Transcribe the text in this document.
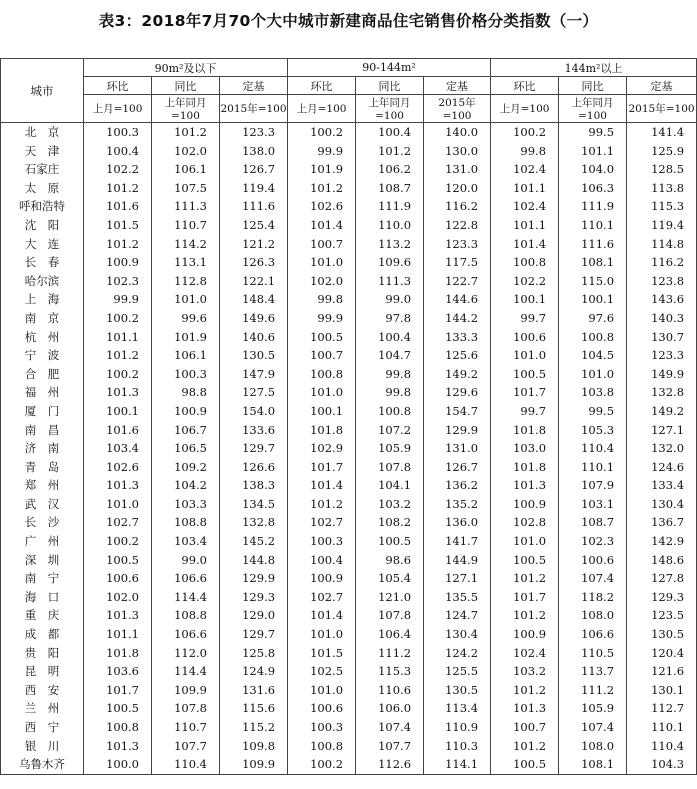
表3：2018年7月70个大中城市新建商品住宅销售价格分类指数（一）
城市	90m²及以下			90-144m²			144m²以上		
	环比	同比	定基	环比	同比	定基	环比	同比	定基
	上月=100	上年同月=100	2015年=100	上月=100	上年同月=100	2015年=100	上月=100	上年同月=100	2015年=100
北　京	100.3	101.2	123.3	100.2	100.4	140.0	100.2	99.5	141.4
天　津	100.4	102.0	138.0	99.9	101.2	130.0	99.8	101.1	125.9
石家庄	102.2	106.1	126.7	101.9	106.2	131.0	102.4	104.0	128.5
太　原	101.2	107.5	119.4	101.2	108.7	120.0	101.1	106.3	113.8
呼和浩特	101.6	111.3	111.6	102.6	111.9	116.2	102.4	111.9	115.3
沈　阳	101.5	110.7	125.4	101.4	110.0	122.8	101.1	110.1	119.4
大　连	101.2	114.2	121.2	100.7	113.2	123.3	101.4	111.6	114.8
长　春	100.9	113.1	126.3	101.0	109.6	117.5	100.8	108.1	116.2
哈尔滨	102.3	112.8	122.1	102.0	111.3	122.7	102.2	115.0	123.8
上　海	99.9	101.0	148.4	99.8	99.0	144.6	100.1	100.1	143.6
南　京	100.2	99.6	149.6	99.9	97.8	144.2	99.7	97.6	140.3
杭　州	101.1	101.9	140.6	100.5	100.4	133.3	100.6	100.8	130.7
宁　波	101.2	106.1	130.5	100.7	104.7	125.6	101.0	104.5	123.3
合　肥	100.2	100.3	147.9	100.8	99.8	149.2	100.5	101.0	149.9
福　州	101.3	98.8	127.5	101.0	99.8	129.6	101.7	103.8	132.8
厦　门	100.1	100.9	154.0	100.1	100.8	154.7	99.7	99.5	149.2
南　昌	101.6	106.7	133.6	101.8	107.2	129.9	101.8	105.3	127.1
济　南	103.4	106.5	129.7	102.9	105.9	131.0	103.0	110.4	132.0
青　岛	102.6	109.2	126.6	101.7	107.8	126.7	101.8	110.1	124.6
郑　州	101.3	104.2	138.3	101.4	104.1	136.2	101.3	107.9	133.4
武　汉	101.0	103.3	134.5	101.2	103.2	135.2	100.9	103.1	130.4
长　沙	102.7	108.8	132.8	102.7	108.2	136.0	102.8	108.7	136.7
广　州	100.2	103.4	145.2	100.3	100.5	141.7	101.0	102.3	142.9
深　圳	100.5	99.0	144.8	100.4	98.6	144.9	100.5	100.6	148.6
南　宁	100.6	106.6	129.9	100.9	105.4	127.1	101.2	107.4	127.8
海　口	102.0	114.4	129.3	102.7	121.0	135.5	101.7	118.2	129.3
重　庆	101.3	108.8	129.0	101.4	107.8	124.7	101.2	108.0	123.5
成　都	101.1	106.6	129.7	101.0	106.4	130.4	100.9	106.6	130.5
贵　阳	101.8	112.0	125.8	101.5	111.2	124.2	102.4	110.5	120.4
昆　明	103.6	114.4	124.9	102.5	115.3	125.5	103.2	113.7	121.6
西　安	101.7	109.9	131.6	101.0	110.6	130.5	101.2	111.2	130.1
兰　州	100.5	107.8	115.6	100.6	106.0	113.4	101.3	105.9	112.7
西　宁	100.8	110.7	115.2	100.3	107.4	110.9	100.7	107.4	110.1
银　川	101.3	107.7	109.8	100.8	107.7	110.3	101.2	108.0	110.4
乌鲁木齐	100.0	110.4	109.9	100.2	112.6	114.1	100.5	108.1	104.3
